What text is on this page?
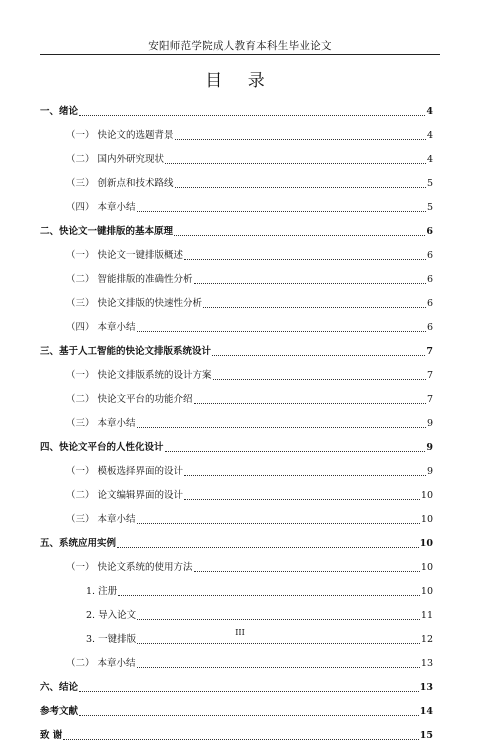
安阳师范学院成人教育本科生毕业论文
目 录
一、绪论	4
（一） 快论文的选题背景	4
（二） 国内外研究现状	4
（三） 创新点和技术路线	5
（四） 本章小结	5
二、快论文一键排版的基本原理	6
（一） 快论文一键排版概述	6
（二） 智能排版的准确性分析	6
（三） 快论文排版的快速性分析	6
（四） 本章小结	6
三、基于人工智能的快论文排版系统设计	7
（一） 快论文排版系统的设计方案	7
（二） 快论文平台的功能介绍	7
（三） 本章小结	9
四、快论文平台的人性化设计	9
（一） 模板选择界面的设计	9
（二） 论文编辑界面的设计	10
（三） 本章小结	10
五、系统应用实例	10
（一） 快论文系统的使用方法	10
1. 注册	10
2. 导入论文	11
3. 一键排版	12
（二） 本章小结	13
六、结论	13
参考文献	14
致 谢	15
III
